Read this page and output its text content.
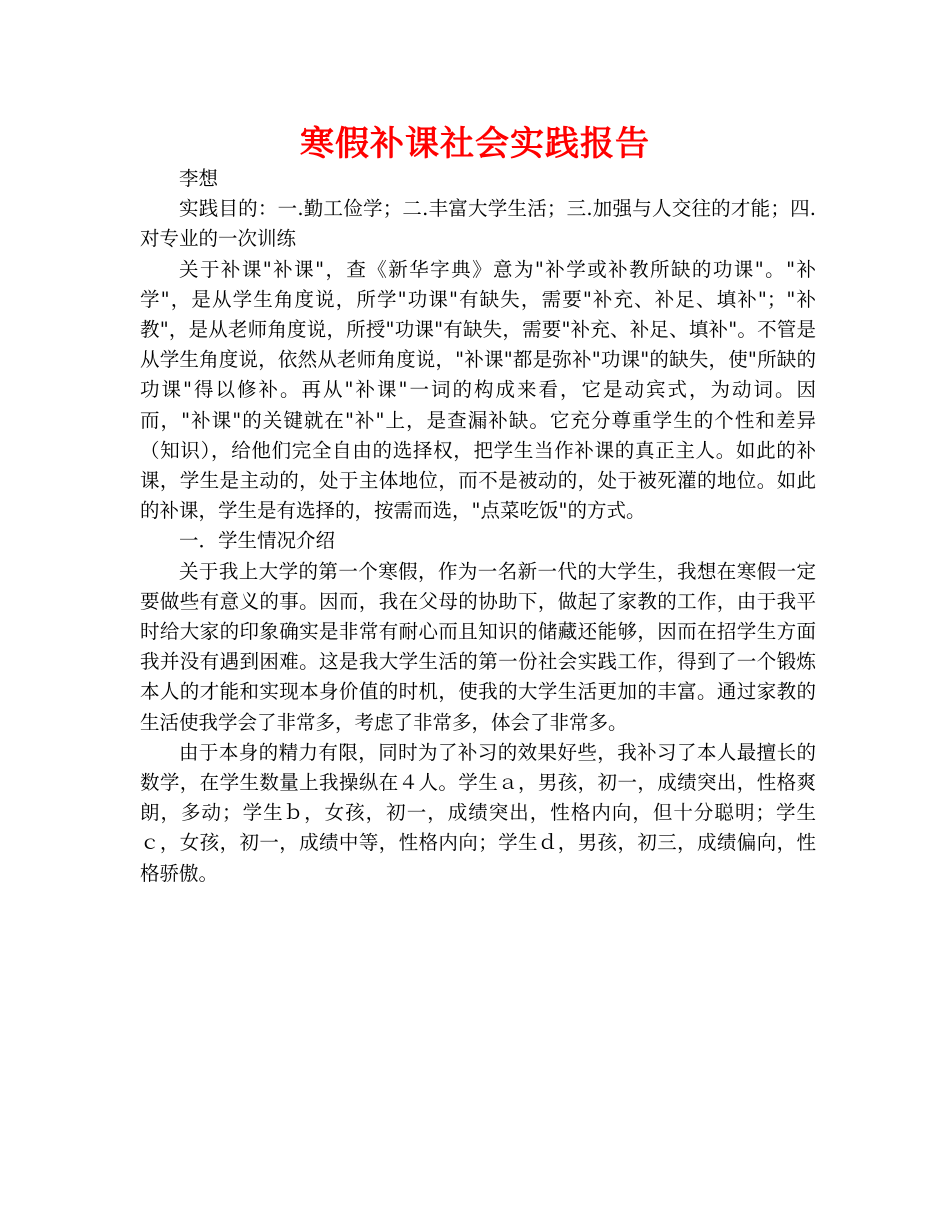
寒假补课社会实践报告

李想

实践目的：一.勤工俭学；二.丰富大学生活；三.加强与人交往的才能；四.对专业的一次训练

关于补课"补课"，查《新华字典》意为"补学或补教所缺的功课"。"补学"，是从学生角度说，所学"功课"有缺失，需要"补充、补足、填补"；"补教"，是从老师角度说，所授"功课"有缺失，需要"补充、补足、填补"。不管是从学生角度说，依然从老师角度说，"补课"都是弥补"功课"的缺失，使"所缺的功课"得以修补。再从"补课"一词的构成来看，它是动宾式，为动词。因而，"补课"的关键就在"补"上，是查漏补缺。它充分尊重学生的个性和差异（知识），给他们完全自由的选择权，把学生当作补课的真正主人。如此的补课，学生是主动的，处于主体地位，而不是被动的，处于被死灌的地位。如此的补课，学生是有选择的，按需而选，"点菜吃饭"的方式。

一．学生情况介绍

关于我上大学的第一个寒假，作为一名新一代的大学生，我想在寒假一定要做些有意义的事。因而，我在父母的协助下，做起了家教的工作，由于我平时给大家的印象确实是非常有耐心而且知识的储藏还能够，因而在招学生方面我并没有遇到困难。这是我大学生活的第一份社会实践工作，得到了一个锻炼本人的才能和实现本身价值的时机，使我的大学生活更加的丰富。通过家教的生活使我学会了非常多，考虑了非常多，体会了非常多。

由于本身的精力有限，同时为了补习的效果好些，我补习了本人最擅长的数学，在学生数量上我操纵在４人。学生ａ，男孩，初一，成绩突出，性格爽朗，多动；学生ｂ，女孩，初一，成绩突出，性格内向，但十分聪明；学生ｃ，女孩，初一，成绩中等，性格内向；学生ｄ，男孩，初三，成绩偏向，性格骄傲。
